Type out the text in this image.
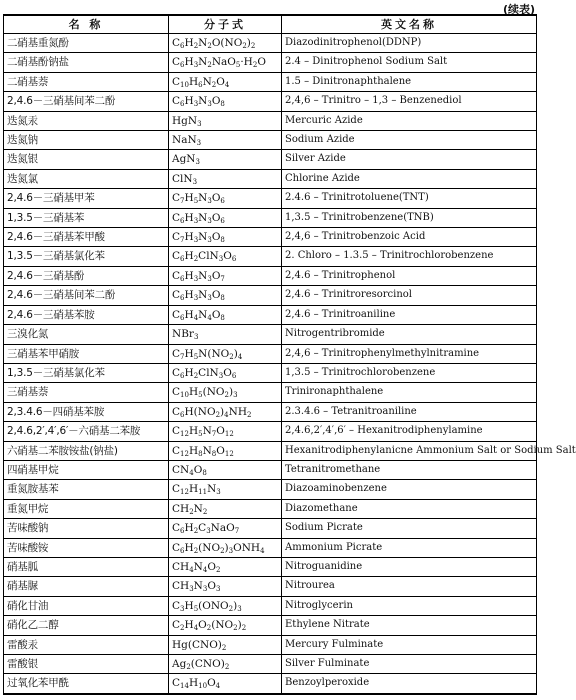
(续表)
名 称	分子式	英文名称
二硝基重氮酚	$C_6H_2N_2O(NO_2)_2$	Diazodinitrophenol(DDNP)
二硝基酚钠盐	$C_6H_3N_2NaO_5\cdot H_2O$	2.4 – Dinitrophenol Sodium Salt
二硝基萘	$C_{10}H_6N_2O_4$	1.5 – Dinitronaphthalene
2,4.6－三硝基间苯二酚	$C_6H_3N_3O_8$	2,4,6 – Trinitro – 1,3 – Benzenediol
迭氮汞	HgN$_3$	Mercuric Azide
迭氮钠	NaN$_3$	Sodium Azide
迭氮银	AgN$_3$	Silver Azide
迭氮氯	ClN$_3$	Chlorine Azide
2,4.6－三硝基甲苯	$C_7H_5N_3O_6$	2.4.6 – Trinitrotoluene(TNT)
1,3.5－三硝基苯	$C_6H_3N_3O_6$	1,3.5 – Trinitrobenzene(TNB)
2,4.6－三硝基苯甲酸	$C_7H_3N_3O_8$	2,4,6 – Trinitrobenzoic Acid
1,3.5－三硝基氯化苯	$C_6H_2ClN_3O_6$	2. Chloro – 1.3.5 – Trinitrochlorobenzene
2,4.6－三硝基酚	$C_6H_3N_3O_7$	2,4.6 – Trinitrophenol
2,4.6－三硝基间苯二酚	$C_6H_3N_3O_8$	2,4.6 – Trinitroresorcinol
2,4.6－三硝基苯胺	$C_6H_4N_4O_8$	2,4.6 – Trinitroaniline
三溴化氮	NBr$_3$	Nitrogentribromide
三硝基苯甲硝胺	$C_7H_5N(NO_2)_4$	2,4,6 – Trinitrophenylmethylnitramine
1,3.5－三硝基氯化苯	$C_6H_2ClN_3O_6$	1,3.5 – Trinitrochlorobenzene
三硝基萘	$C_{10}H_5(NO_2)_3$	Trinironaphthalene
2,3.4.6－四硝基苯胺	$C_6H(NO_2)_4NH_2$	2.3.4.6 – Tetranitroaniline
2,4.6,2′,4′,6′－六硝基二苯胺	$C_{12}H_5N_7O_{12}$	2,4.6,2′,4′,6′ – Hexanitrodiphenylamine
六硝基二苯胺铵盐(钠盐)	$C_{12}H_8N_8O_{12}$	Hexanitrodiphenylanicne Ammonium Salt or Sodium Salt
四硝基甲烷	$CN_4O_8$	Tetranitromethane
重氮胺基苯	$C_{12}H_{11}N_3$	Diazoaminobenzene
重氮甲烷	$CH_2N_2$	Diazomethane
苦味酸钠	$C_6H_2C_3NaO_7$	Sodium Picrate
苦味酸铵	$C_6H_2(NO_2)_3ONH_4$	Ammonium Picrate
硝基胍	$CH_4N_4O_2$	Nitroguanidine
硝基脲	$CH_3N_3O_3$	Nitrourea
硝化甘油	$C_3H_5(ONO_2)_3$	Nitroglycerin
硝化乙二醇	$C_2H_4O_2(NO_2)_2$	Ethylene Nitrate
雷酸汞	$Hg(CNO)_2$	Mercury Fulminate
雷酸银	$Ag_2(CNO)_2$	Silver Fulminate
过氧化苯甲酰	$C_{14}H_{10}O_4$	Benzoylperoxide
